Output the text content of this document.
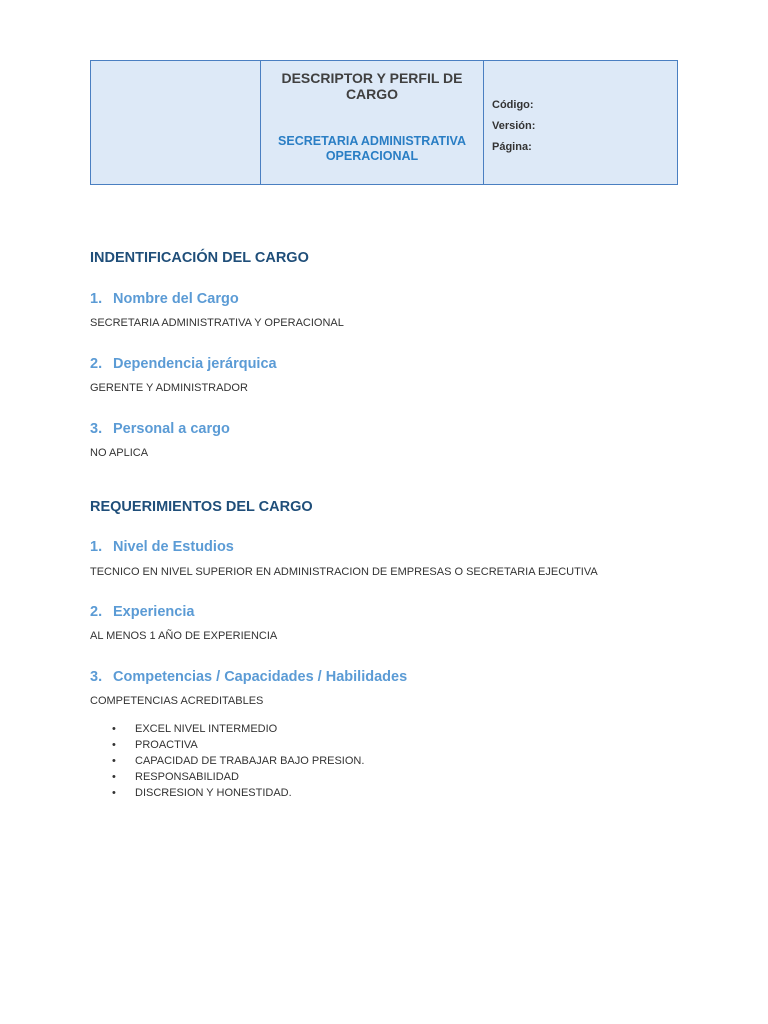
DESCRIPTOR Y PERFIL DE CARGO
SECRETARIA ADMINISTRATIVA OPERACIONAL
Código:
Versión:
Página:
INDENTIFICACIÓN DEL CARGO
1. Nombre del Cargo

SECRETARIA ADMINISTRATIVA Y OPERACIONAL

2. Dependencia jerárquica

GERENTE Y ADMINISTRADOR

3. Personal a cargo

NO APLICA

REQUERIMIENTOS DEL CARGO
1. Nivel de Estudios

TECNICO EN NIVEL SUPERIOR EN ADMINISTRACION DE EMPRESAS O SECRETARIA EJECUTIVA

2. Experiencia

AL MENOS 1 AÑO DE EXPERIENCIA

3. Competencias / Capacidades / Habilidades

COMPETENCIAS ACREDITABLES

• EXCEL NIVEL INTERMEDIO
• PROACTIVA
• CAPACIDAD DE TRABAJAR BAJO PRESION.
• RESPONSABILIDAD
• DISCRESION Y HONESTIDAD.
